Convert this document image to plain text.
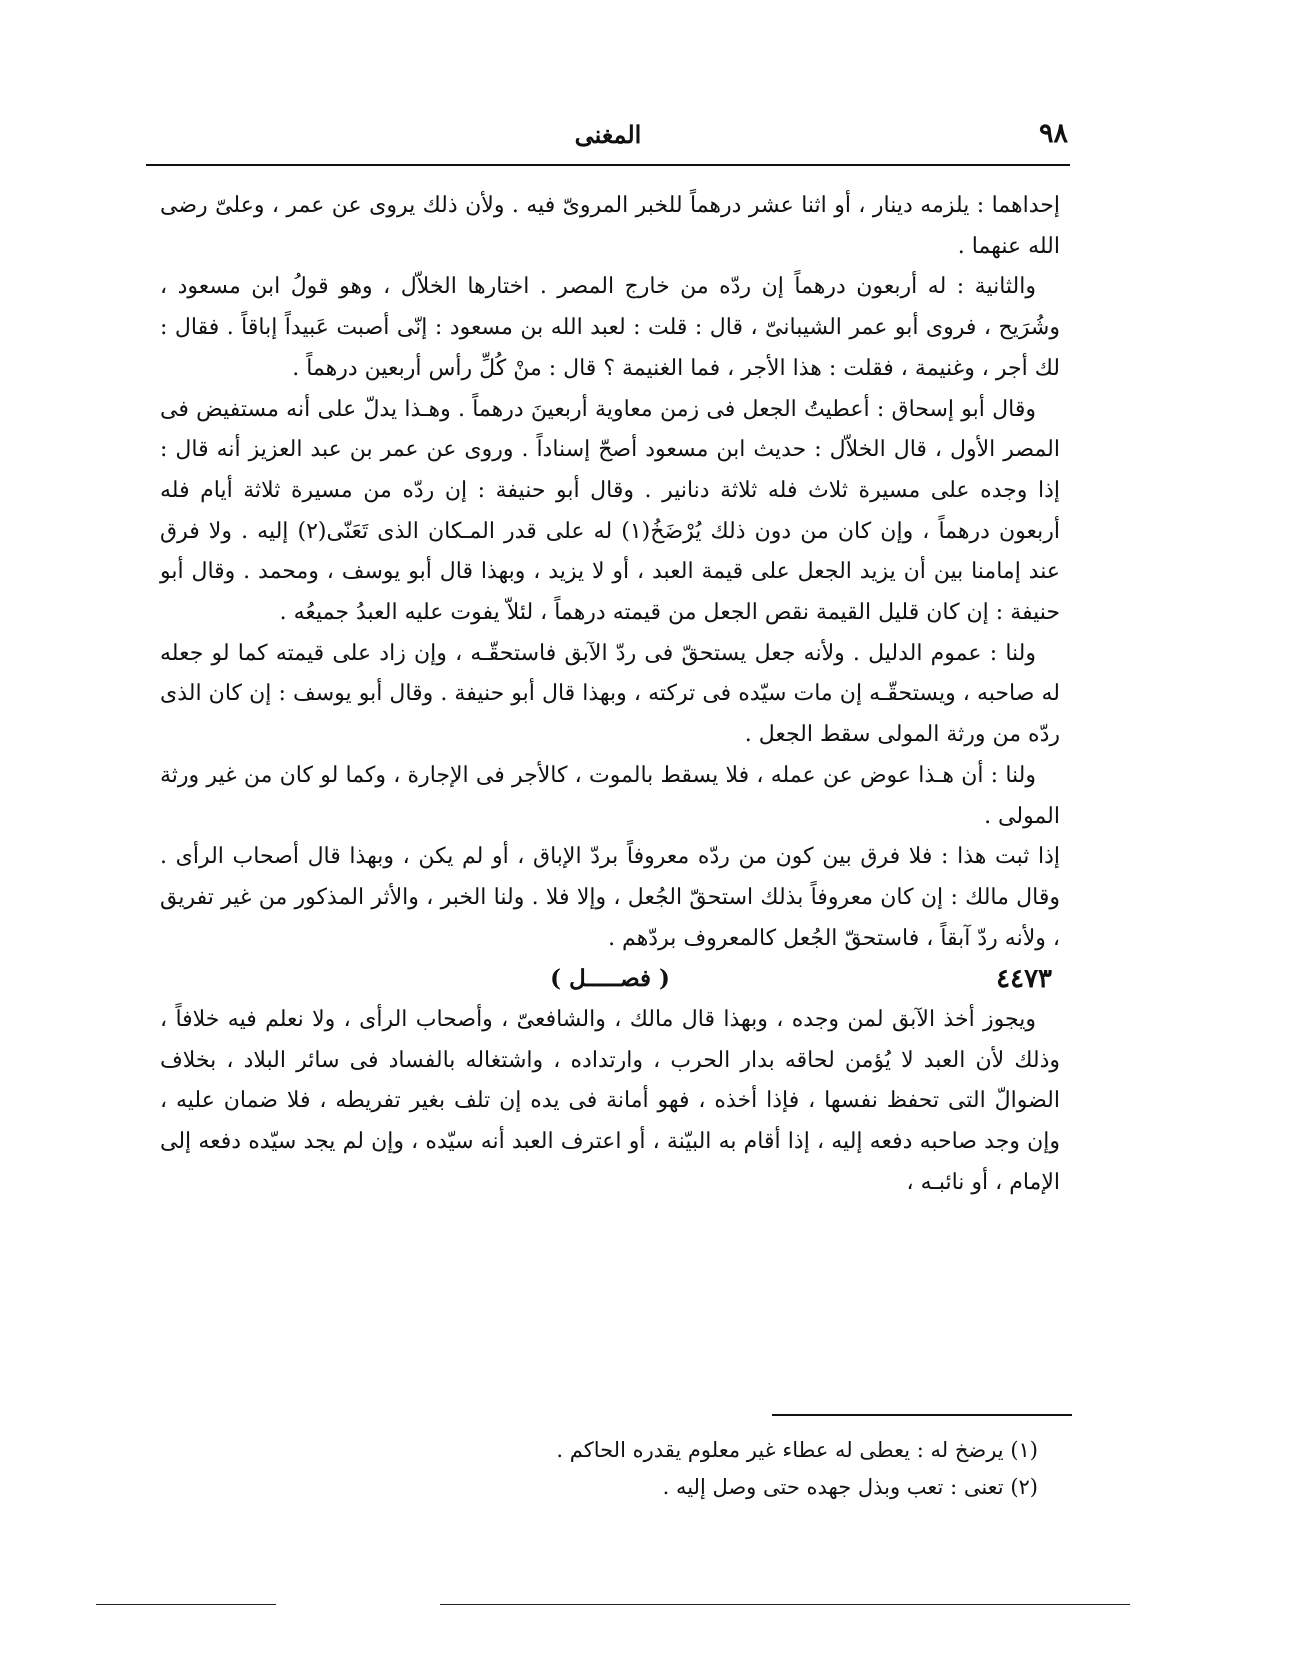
٩٨
المغنى

إحداهما : يلزمه دينار ، أو اثنا عشر درهماً للخبر المروىّ فيه . ولأن ذلك يروى عن عمر ، وعلىّ رضى الله عنهما .

والثانية : له أربعون درهماً إن ردّه من خارج المصر . اختارها الخلاّل ، وهو قولُ ابن مسعود ، وشُرَيح ، فروى أبو عمر الشيبانىّ ، قال : قلت : لعبد الله بن مسعود : إنّى أصبت عَبيداً إباقاً . فقال : لك أجر ، وغنيمة ، فقلت : هذا الأجر ، فما الغنيمة ؟ قال : منْ كُلِّ رأس أربعين درهماً .

وقال أبو إسحاق : أعطيتُ الجعل فى زمن معاوية أربعينَ درهماً . وهـذا يدلّ على أنه مستفيض فى المصر الأول ، قال الخلاّل : حديث ابن مسعود أصحّ إسناداً . وروى عن عمر بن عبد العزيز أنه قال : إذا وجده على مسيرة ثلاث فله ثلاثة دنانير . وقال أبو حنيفة : إن ردّه من مسيرة ثلاثة أيام فله أربعون درهماً ، وإن كان من دون ذلك يُرْضَخُ(١) له على قدر المـكان الذى تَعَنّى(٢) إليه . ولا فرق عند إمامنا بين أن يزيد الجعل على قيمة العبد ، أو لا يزيد ، وبهذا قال أبو يوسف ، ومحمد . وقال أبو حنيفة : إن كان قليل القيمة نقص الجعل من قيمته درهماً ، لئلاّ يفوت عليه العبدُ جميعُه .

ولنا : عموم الدليل . ولأنه جعل يستحقّ فى ردّ الآبق فاستحقّـه ، وإن زاد على قيمته كما لو جعله له صاحبه ، ويستحقّـه إن مات سيّده فى تركته ، وبهذا قال أبو حنيفة . وقال أبو يوسف : إن كان الذى ردّه من ورثة المولى سقط الجعل .

ولنا : أن هـذا عوض عن عمله ، فلا يسقط بالموت ، كالأجر فى الإجارة ، وكما لو كان من غير ورثة المولى .

إذا ثبت هذا : فلا فرق بين كون من ردّه معروفاً بردّ الإباق ، أو لم يكن ، وبهذا قال أصحاب الرأى . وقال مالك : إن كان معروفاً بذلك استحقّ الجُعل ، وإلا فلا . ولنا الخبر ، والأثر المذكور من غير تفريق ، ولأنه ردّ آبقاً ، فاستحقّ الجُعل كالمعروف بردّهم .

٤٤٧٣
( فصـــــل )

ويجوز أخذ الآبق لمن وجده ، وبهذا قال مالك ، والشافعىّ ، وأصحاب الرأى ، ولا نعلم فيه خلافاً ، وذلك لأن العبد لا يُؤمن لحاقه بدار الحرب ، وارتداده ، واشتغاله بالفساد فى سائر البلاد ، بخلاف الضوالّ التى تحفظ نفسها ، فإذا أخذه ، فهو أمانة فى يده إن تلف بغير تفريطه ، فلا ضمان عليه ، وإن وجد صاحبه دفعه إليه ، إذا أقام به البيّنة ، أو اعترف العبد أنه سيّده ، وإن لم يجد سيّده دفعه إلى الإمام ، أو نائبـه ،

(١) يرضخ له : يعطى له عطاء غير معلوم يقدره الحاكم .

(٢) تعنى : تعب وبذل جهده حتى وصل إليه .
